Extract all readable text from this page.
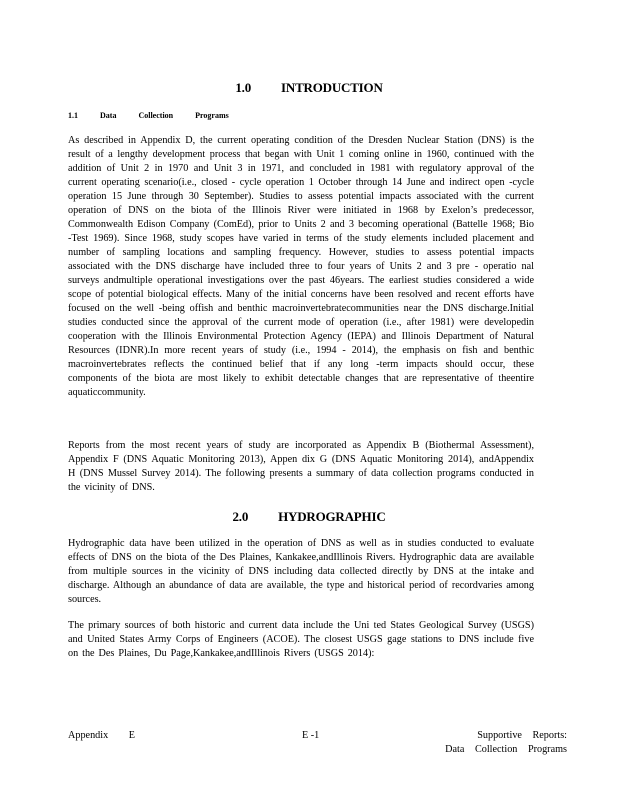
1.0 INTRODUCTION
1.1	Data	Collection	Programs
As described in Appendix D, the current operating condition of the Dresden Nuclear Station (DNS) is the result of a lengthy development process that began with Unit 1 coming online in 1960, continued with the addition of Unit 2 in 1970 and Unit 3 in 1971, and concluded in 1981 with regulatory approval of the current operating scenario(i.e., closed - cycle operation 1 October through 14 June and indirect open -cycle operation 15 June through 30 September). Studies to assess potential impacts associated with the current operation of DNS on the biota of the Illinois River were initiated in 1968 by Exelon’s predecessor, Commonwealth Edison Company (ComEd), prior to Units 2 and 3 becoming operational (Battelle 1968; Bio -Test 1969). Since 1968, study scopes have varied in terms of the study elements included placement and number of sampling locations and sampling frequency. However, studies to assess potential impacts associated with the DNS discharge have included three to four years of Units 2 and 3 pre - operatio nal surveys andmultiple operational investigations over the past 46years. The earliest studies considered a wide scope of potential biological effects. Many of the initial concerns have been resolved and recent efforts have focused on the well -being offish and benthic macroinvertebratecommunities near the DNS discharge.Initial studies conducted since the approval of the current mode of operation (i.e., after 1981) were developedin cooperation with the Illinois Environmental Protection Agency (IEPA) and Illinois Department of Natural Resources (IDNR).In more recent years of study (i.e., 1994 - 2014), the emphasis on fish and benthic macroinvertebrates reflects the continued belief that if any long -term impacts should occur, these components of the biota are most likely to exhibit detectable changes that are representative of theentire aquaticcommunity.
Reports from the most recent years of study are incorporated as Appendix B (Biothermal Assessment), Appendix F (DNS Aquatic Monitoring 2013), Appen dix G (DNS Aquatic Monitoring 2014), andAppendix H (DNS Mussel Survey 2014). The following presents a summary of data collection programs conducted in the vicinity of DNS.
2.0 HYDROGRAPHIC
Hydrographic data have been utilized in the operation of DNS as well as in studies conducted to evaluate effects of DNS on the biota of the Des Plaines, Kankakee,andIllinois Rivers. Hydrographic data are available from multiple sources in the vicinity of DNS including data collected directly by DNS at the intake and discharge. Although an abundance of data are available, the type and historical period of recordvaries among sources.
The primary sources of both historic and current data include the Uni ted States Geological Survey (USGS) and United States Army Corps of Engineers (ACOE). The closest USGS gage stations to DNS include five on the Des Plaines, Du Page,Kankakee,andIllinois Rivers (USGS 2014):
Appendix E	E -1	Supportive Reports:
Data Collection Programs
